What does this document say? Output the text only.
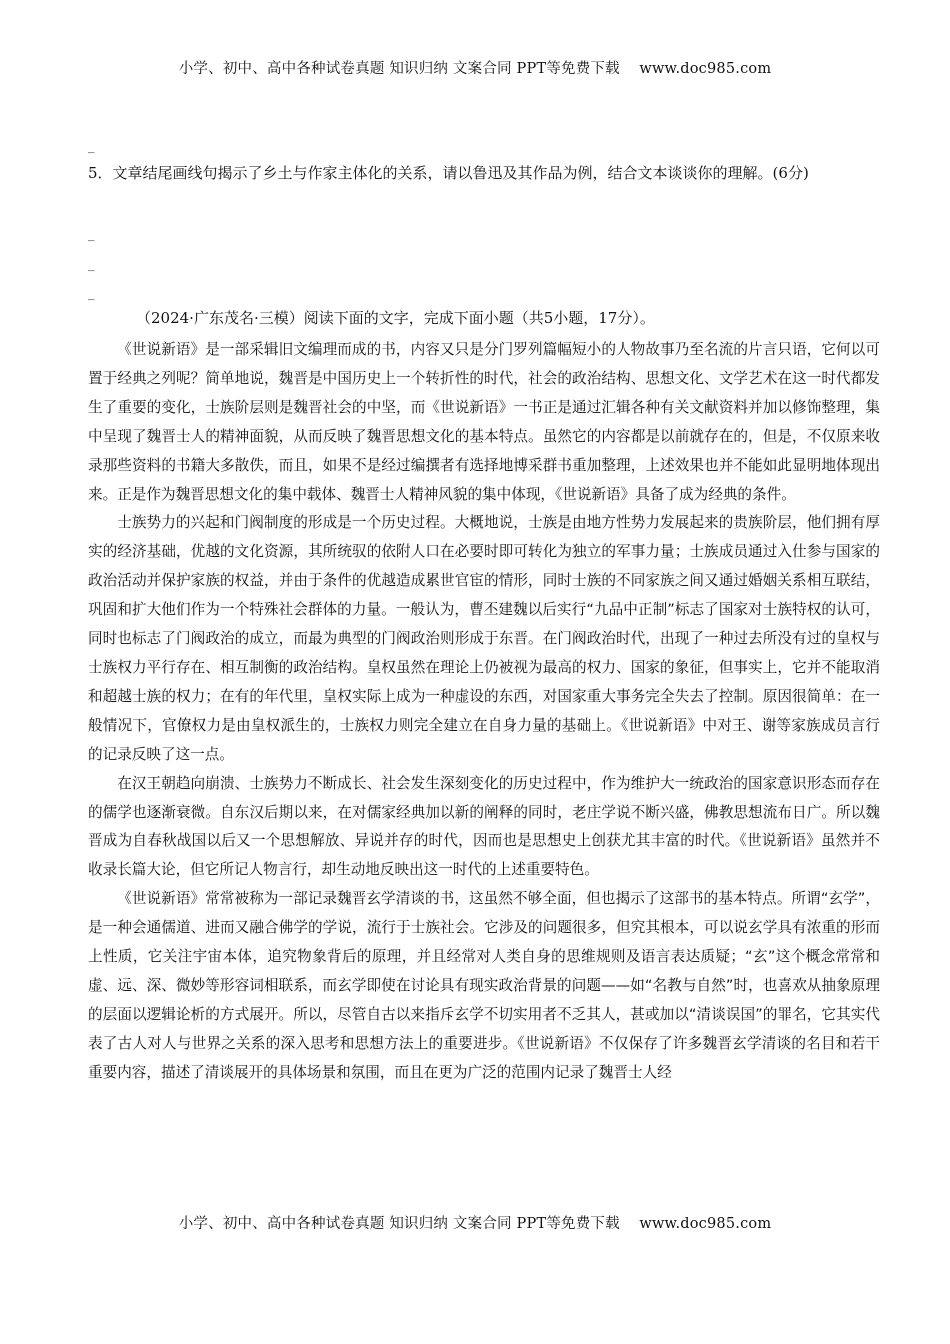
小学、初中、高中各种试卷真题 知识归纳 文案合同 PPT等免费下载　 www.doc985.com
_
5．文章结尾画线句揭示了乡土与作家主体化的关系，请以鲁迅及其作品为例，结合文本谈谈你的理解。(6分)
_
_
_
（2024·广东茂名·三模）阅读下面的文字，完成下面小题（共5小题，17分）。

《世说新语》是一部采辑旧文编理而成的书，内容又只是分门罗列篇幅短小的人物故事乃至名流的片言只语，它何以可置于经典之列呢？简单地说，魏晋是中国历史上一个转折性的时代，社会的政治结构、思想文化、文学艺术在这一时代都发生了重要的变化，士族阶层则是魏晋社会的中坚，而《世说新语》一书正是通过汇辑各种有关文献资料并加以修饰整理，集中呈现了魏晋士人的精神面貌，从而反映了魏晋思想文化的基本特点。虽然它的内容都是以前就存在的，但是，不仅原来收录那些资料的书籍大多散佚，而且，如果不是经过编撰者有选择地博采群书重加整理，上述效果也并不能如此显明地体现出来。正是作为魏晋思想文化的集中载体、魏晋士人精神风貌的集中体现，《世说新语》具备了成为经典的条件。

士族势力的兴起和门阀制度的形成是一个历史过程。大概地说，士族是由地方性势力发展起来的贵族阶层，他们拥有厚实的经济基础，优越的文化资源，其所统驭的依附人口在必要时即可转化为独立的军事力量；士族成员通过入仕参与国家的政治活动并保护家族的权益，并由于条件的优越造成累世官宦的情形，同时士族的不同家族之间又通过婚姻关系相互联结，巩固和扩大他们作为一个特殊社会群体的力量。一般认为，曹丕建魏以后实行“九品中正制”标志了国家对士族特权的认可，同时也标志了门阀政治的成立，而最为典型的门阀政治则形成于东晋。在门阀政治时代，出现了一种过去所没有过的皇权与士族权力平行存在、相互制衡的政治结构。皇权虽然在理论上仍被视为最高的权力、国家的象征，但事实上，它并不能取消和超越士族的权力；在有的年代里，皇权实际上成为一种虚设的东西，对国家重大事务完全失去了控制。原因很简单：在一般情况下，官僚权力是由皇权派生的，士族权力则完全建立在自身力量的基础上。《世说新语》中对王、谢等家族成员言行的记录反映了这一点。

在汉王朝趋向崩溃、士族势力不断成长、社会发生深刻变化的历史过程中，作为维护大一统政治的国家意识形态而存在的儒学也逐渐衰微。自东汉后期以来，在对儒家经典加以新的阐释的同时，老庄学说不断兴盛，佛教思想流布日广。所以魏晋成为自春秋战国以后又一个思想解放、异说并存的时代，因而也是思想史上创获尤其丰富的时代。《世说新语》虽然并不收录长篇大论，但它所记人物言行，却生动地反映出这一时代的上述重要特色。

《世说新语》常常被称为一部记录魏晋玄学清谈的书，这虽然不够全面，但也揭示了这部书的基本特点。所谓“玄学”，是一种会通儒道、进而又融合佛学的学说，流行于士族社会。它涉及的问题很多，但究其根本，可以说玄学具有浓重的形而上性质，它关注宇宙本体，追究物象背后的原理，并且经常对人类自身的思维规则及语言表达质疑；“玄”这个概念常常和虚、远、深、微妙等形容词相联系，而玄学即使在讨论具有现实政治背景的问题——如“名教与自然”时，也喜欢从抽象原理的层面以逻辑论析的方式展开。所以，尽管自古以来指斥玄学不切实用者不乏其人，甚或加以“清谈误国”的罪名，它其实代表了古人对人与世界之关系的深入思考和思想方法上的重要进步。《世说新语》不仅保存了许多魏晋玄学清谈的名目和若干重要内容，描述了清谈展开的具体场景和氛围，而且在更为广泛的范围内记录了魏晋士人经

小学、初中、高中各种试卷真题 知识归纳 文案合同 PPT等免费下载　 www.doc985.com
